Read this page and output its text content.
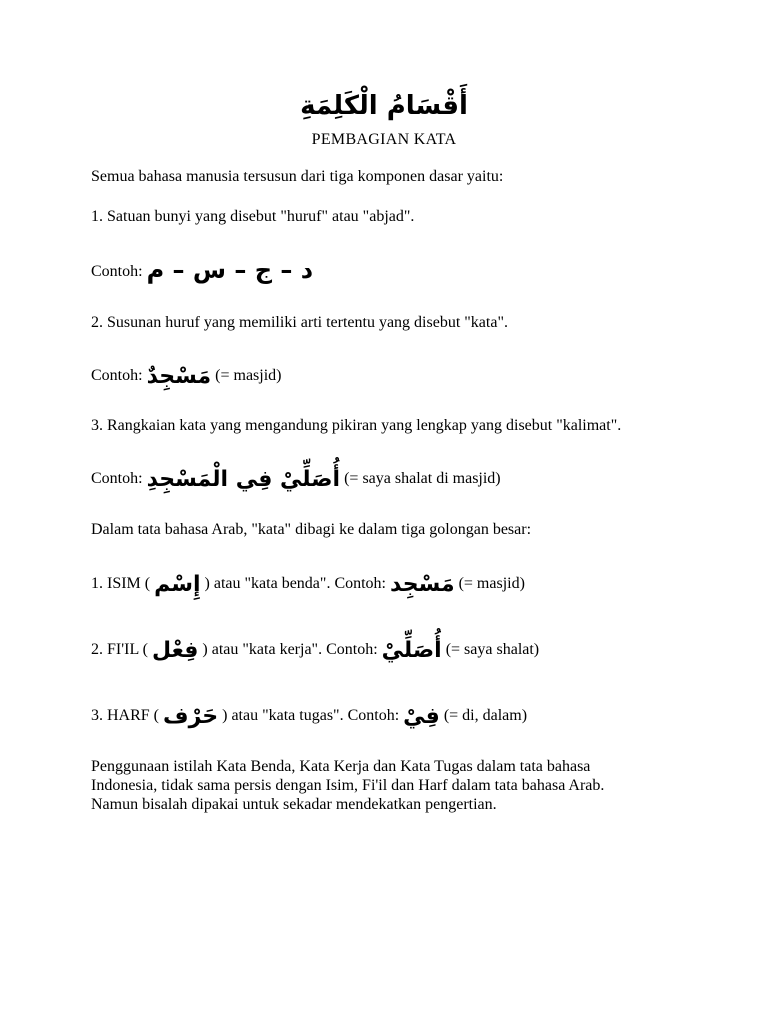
أَقْسَامُ الْكَلِمَةِ
PEMBAGIAN KATA
Semua bahasa manusia tersusun dari tiga komponen dasar yaitu:
1. Satuan bunyi yang disebut "huruf" atau "abjad".
Contoh: د – ج – س – م
2. Susunan huruf yang memiliki arti tertentu yang disebut "kata".
Contoh: مَسْجِدٌ (= masjid)
3. Rangkaian kata yang mengandung pikiran yang lengkap yang disebut "kalimat".
Contoh: أُصَلِّيْ فِي الْمَسْجِدِ (= saya shalat di masjid)
Dalam tata bahasa Arab, "kata" dibagi ke dalam tiga golongan besar:
1. ISIM ( إِسْم ) atau "kata benda". Contoh: مَسْجِد (= masjid)
2. FI'IL ( فِعْل ) atau "kata kerja". Contoh: أُصَلِّيْ (= saya shalat)
3. HARF ( حَرْف ) atau "kata tugas". Contoh: فِيْ (= di, dalam)
Penggunaan istilah Kata Benda, Kata Kerja dan Kata Tugas dalam tata bahasa
Indonesia, tidak sama persis dengan Isim, Fi'il dan Harf dalam tata bahasa Arab.
Namun bisalah dipakai untuk sekadar mendekatkan pengertian.
